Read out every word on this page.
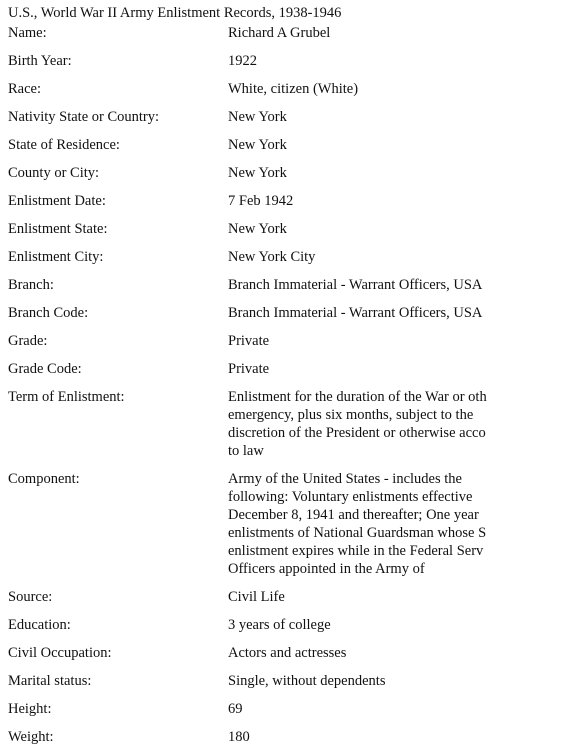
U.S., World War II Army Enlistment Records, 1938-1946
Name:	Richard A Grubel
Birth Year:	1922
Race:	White, citizen (White)
Nativity State or Country:	New York
State of Residence:	New York
County or City:	New York
Enlistment Date:	7 Feb 1942
Enlistment State:	New York
Enlistment City:	New York City
Branch:	Branch Immaterial - Warrant Officers, USA
Branch Code:	Branch Immaterial - Warrant Officers, USA
Grade:	Private
Grade Code:	Private
Term of Enlistment:	Enlistment for the duration of the War or oth
emergency, plus six months, subject to the
discretion of the President or otherwise acco
to law
Component:	Army of the United States - includes the
following: Voluntary enlistments effective
December 8, 1941 and thereafter; One year
enlistments of National Guardsman whose S
enlistment expires while in the Federal Serv
Officers appointed in the Army of
Source:	Civil Life
Education:	3 years of college
Civil Occupation:	Actors and actresses
Marital status:	Single, without dependents
Height:	69
Weight:	180
